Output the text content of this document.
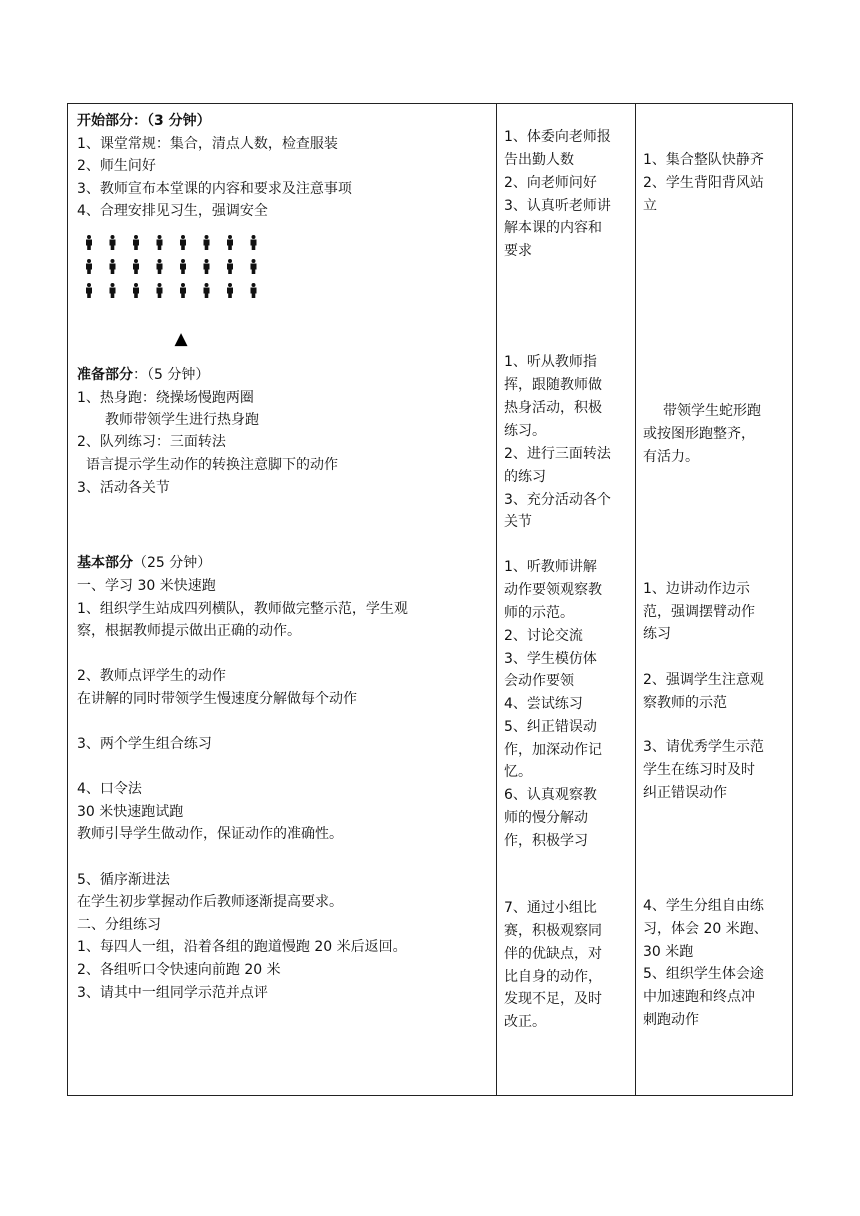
开始部分：（3 分钟）
1、课堂常规：集合，清点人数，检查服装
2、师生问好
3、教师宣布本堂课的内容和要求及注意事项
4、合理安排见习生，强调安全
▲
准备部分：（5 分钟）
1、热身跑：绕操场慢跑两圈
教师带领学生进行热身跑
2、队列练习：三面转法
语言提示学生动作的转换注意脚下的动作
3、活动各关节
基本部分（25 分钟）
一、学习 30 米快速跑
1、组织学生站成四列横队，教师做完整示范，学生观
察，根据教师提示做出正确的动作。
2、教师点评学生的动作
在讲解的同时带领学生慢速度分解做每个动作
3、两个学生组合练习
4、口令法
30 米快速跑试跑
教师引导学生做动作，保证动作的准确性。
5、循序渐进法
在学生初步掌握动作后教师逐渐提高要求。
二、分组练习
1、每四人一组，沿着各组的跑道慢跑 20 米后返回。
2、各组听口令快速向前跑 20 米
3、请其中一组同学示范并点评
1、体委向老师报
告出勤人数
2、向老师问好
3、认真听老师讲
解本课的内容和
要求
1、听从教师指
挥，跟随教师做
热身活动，积极
练习。
2、进行三面转法
的练习
3、充分活动各个
关节
1、听教师讲解
动作要领观察教
师的示范。
2、讨论交流
3、学生模仿体
会动作要领
4、尝试练习
5、纠正错误动
作，加深动作记
忆。
6、认真观察教
师的慢分解动
作，积极学习
7、通过小组比
赛，积极观察同
伴的优缺点，对
比自身的动作，
发现不足，及时
改正。
1、集合整队快静齐
2、学生背阳背风站
立
带领学生蛇形跑
或按图形跑整齐，
有活力。
1、边讲动作边示
范，强调摆臂动作
练习
2、强调学生注意观
察教师的示范
3、请优秀学生示范
学生在练习时及时
纠正错误动作
4、学生分组自由练
习，体会 20 米跑、
30 米跑
5、组织学生体会途
中加速跑和终点冲
刺跑动作
